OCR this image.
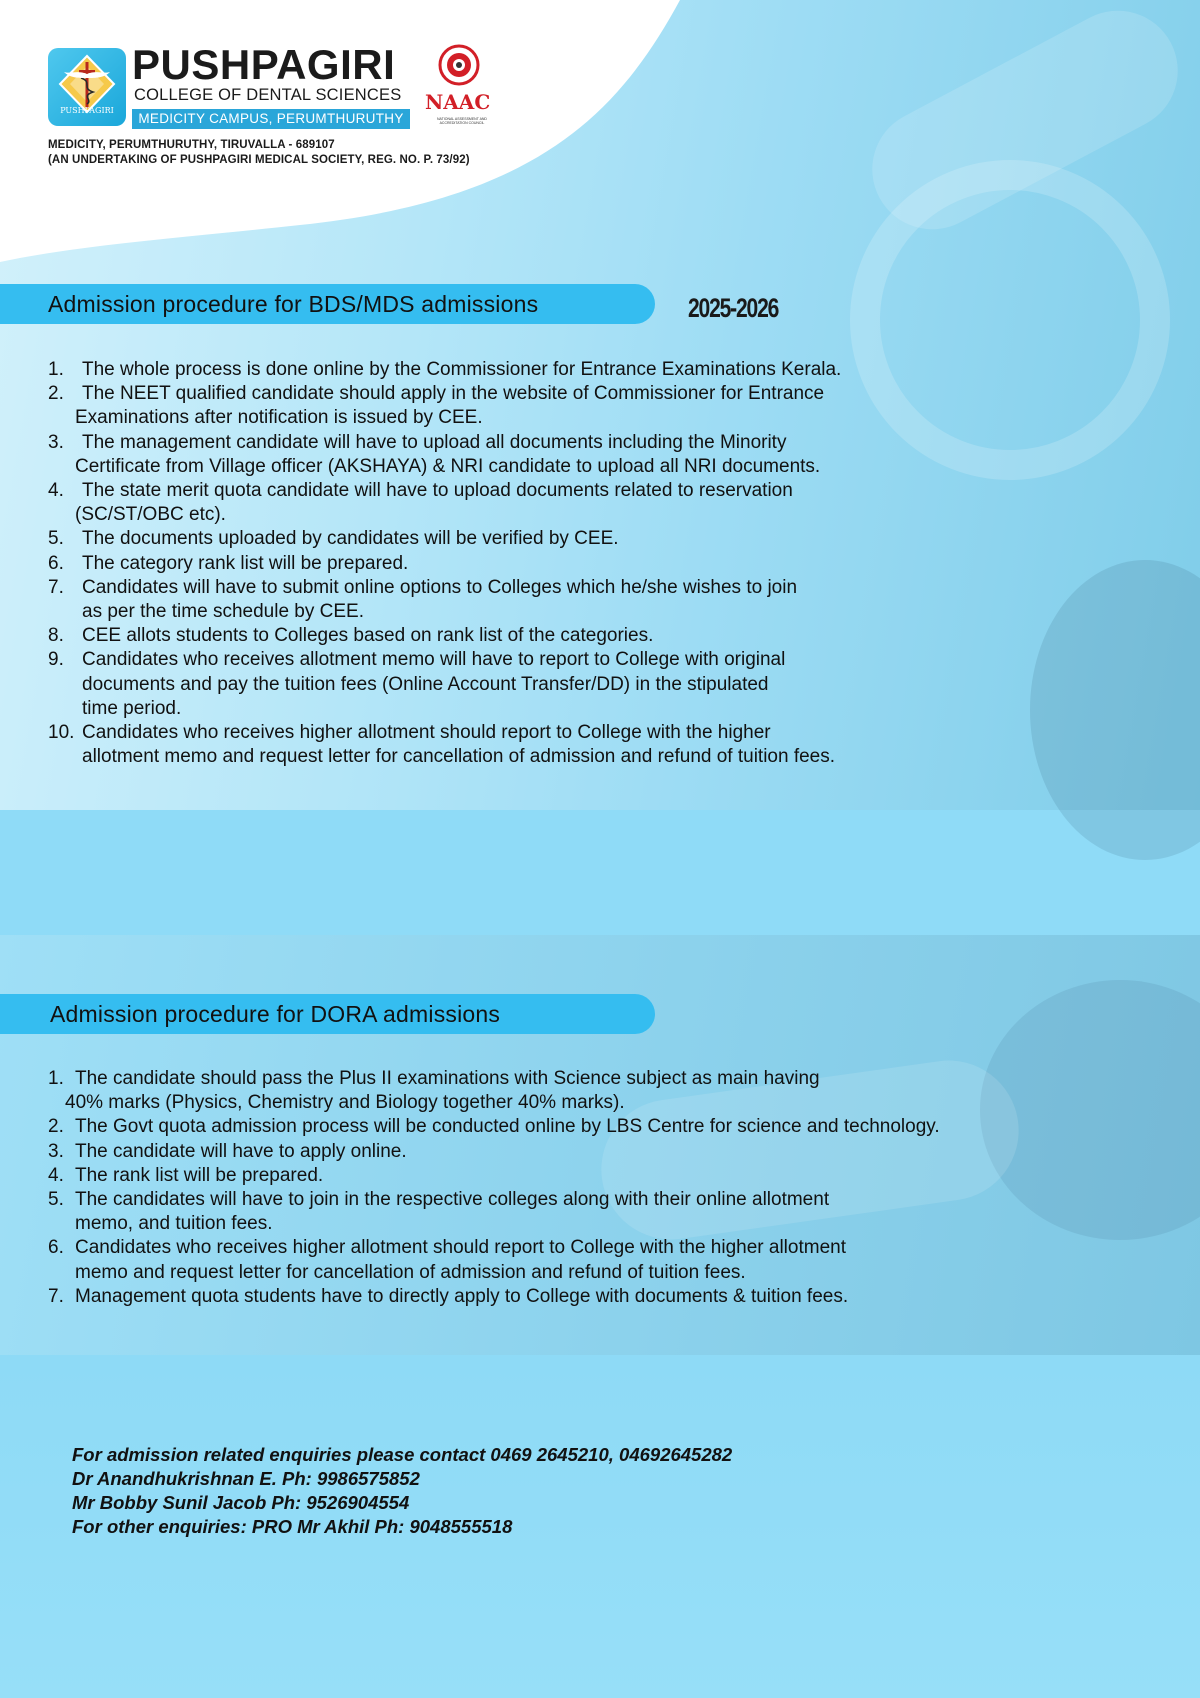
PUSHPAGIRI
PUSHPAGIRI
COLLEGE OF DENTAL SCIENCES
MEDICITY CAMPUS, PERUMTHURUTHY
NAAC
NATIONAL ASSESSMENT AND ACCREDITATION COUNCIL
MEDICITY, PERUMTHURUTHY, TIRUVALLA - 689107
(AN UNDERTAKING OF PUSHPAGIRI MEDICAL SOCIETY, REG. NO. P. 73/92)
Admission procedure for BDS/MDS admissions	2025-2026
1. The whole process is done online by the Commissioner for Entrance Examinations Kerala.
2. The NEET qualified candidate should apply in the website of Commissioner for Entrance
Examinations after notification is issued by CEE.
3. The management candidate will have to upload all documents including the Minority
Certificate from Village officer (AKSHAYA) & NRI candidate to upload all NRI documents.
4. The state merit quota candidate will have to upload documents related to reservation
(SC/ST/OBC etc).
5. The documents uploaded by candidates will be verified by CEE.
6. The category rank list will be prepared.
7. Candidates will have to submit online options to Colleges which he/she wishes to join
as per the time schedule by CEE.
8. CEE allots students to Colleges based on rank list of the categories.
9. Candidates who receives allotment memo will have to report to College with original
documents and pay the tuition fees (Online Account Transfer/DD) in the stipulated
time period.
10. Candidates who receives higher allotment should report to College with the higher
allotment memo and request letter for cancellation of admission and refund of tuition fees.
Admission procedure for DORA admissions
1. The candidate should pass the Plus II examinations with Science subject as main having
40% marks (Physics, Chemistry and Biology together 40% marks).
2. The Govt quota admission process will be conducted online by LBS Centre for science and technology.
3. The candidate will have to apply online.
4. The rank list will be prepared.
5. The candidates will have to join in the respective colleges along with their online allotment
memo, and tuition fees.
6. Candidates who receives higher allotment should report to College with the higher allotment
memo and request letter for cancellation of admission and refund of tuition fees.
7. Management quota students have to directly apply to College with documents & tuition fees.
For admission related enquiries please contact 0469 2645210, 04692645282
Dr Anandhukrishnan E. Ph: 9986575852
Mr Bobby Sunil Jacob Ph: 9526904554
For other enquiries: PRO Mr Akhil Ph: 9048555518
